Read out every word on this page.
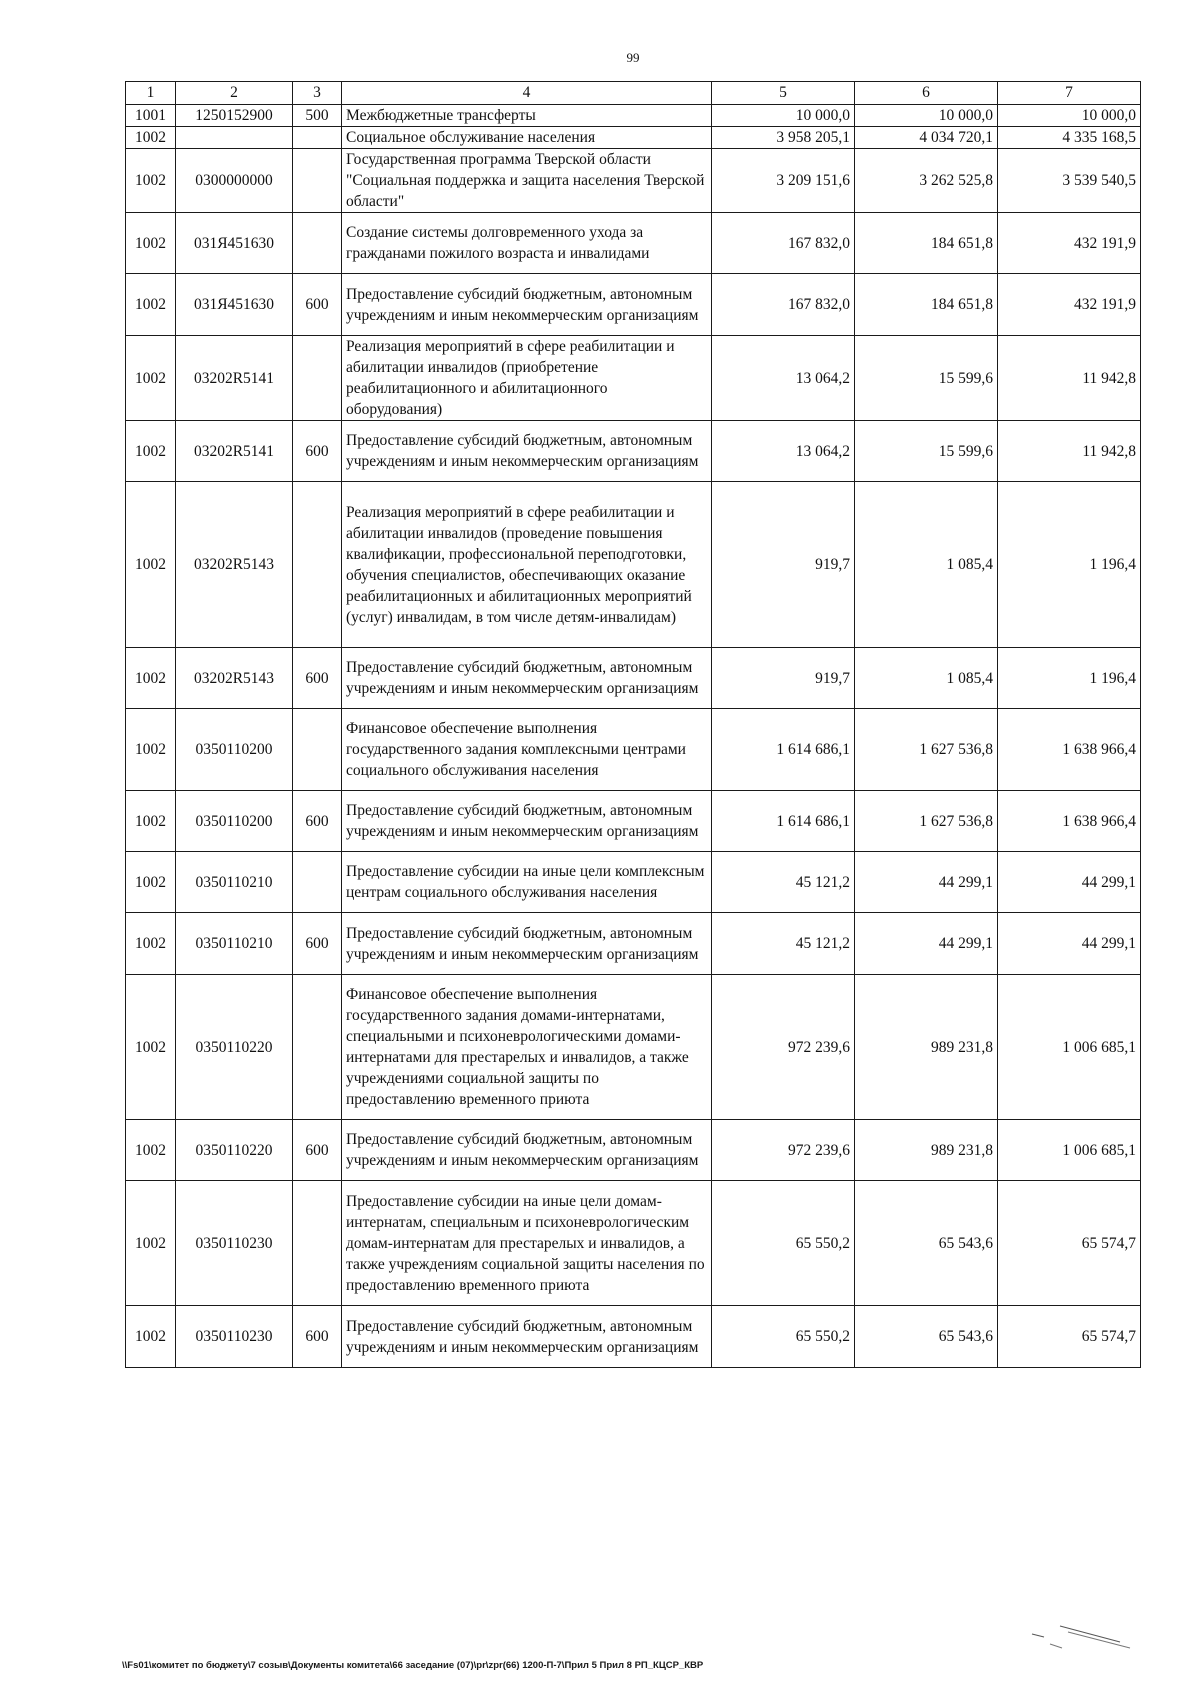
99
1	2	3	4	5	6	7
1001	1250152900	500	Межбюджетные трансферты	10 000,0	10 000,0	10 000,0
1002			Социальное обслуживание населения	3 958 205,1	4 034 720,1	4 335 168,5
1002	0300000000		Государственная программа Тверской области "Социальная поддержка и защита населения Тверской области"	3 209 151,6	3 262 525,8	3 539 540,5
1002	031Я451630		Создание системы долговременного ухода за гражданами пожилого возраста и инвалидами	167 832,0	184 651,8	432 191,9
1002	031Я451630	600	Предоставление субсидий бюджетным, автономным учреждениям и иным некоммерческим организациям	167 832,0	184 651,8	432 191,9
1002	03202R5141		Реализация мероприятий в сфере реабилитации и абилитации инвалидов (приобретение реабилитационного и абилитационного оборудования)	13 064,2	15 599,6	11 942,8
1002	03202R5141	600	Предоставление субсидий бюджетным, автономным учреждениям и иным некоммерческим организациям	13 064,2	15 599,6	11 942,8
1002	03202R5143		Реализация мероприятий в сфере реабилитации и абилитации инвалидов (проведение повышения квалификации, профессиональной переподготовки, обучения специалистов, обеспечивающих оказание реабилитационных и абилитационных мероприятий (услуг) инвалидам, в том числе детям-инвалидам)	919,7	1 085,4	1 196,4
1002	03202R5143	600	Предоставление субсидий бюджетным, автономным учреждениям и иным некоммерческим организациям	919,7	1 085,4	1 196,4
1002	0350110200		Финансовое обеспечение выполнения государственного задания комплексными центрами социального обслуживания населения	1 614 686,1	1 627 536,8	1 638 966,4
1002	0350110200	600	Предоставление субсидий бюджетным, автономным учреждениям и иным некоммерческим организациям	1 614 686,1	1 627 536,8	1 638 966,4
1002	0350110210		Предоставление субсидии на иные цели комплексным центрам социального обслуживания населения	45 121,2	44 299,1	44 299,1
1002	0350110210	600	Предоставление субсидий бюджетным, автономным учреждениям и иным некоммерческим организациям	45 121,2	44 299,1	44 299,1
1002	0350110220		Финансовое обеспечение выполнения государственного задания домами-интернатами, специальными и психоневрологическими домами-интернатами для престарелых и инвалидов, а также учреждениями социальной защиты по предоставлению временного приюта	972 239,6	989 231,8	1 006 685,1
1002	0350110220	600	Предоставление субсидий бюджетным, автономным учреждениям и иным некоммерческим организациям	972 239,6	989 231,8	1 006 685,1
1002	0350110230		Предоставление субсидии на иные цели домам-интернатам, специальным и психоневрологическим домам-интернатам для престарелых и инвалидов, а также учреждениям социальной защиты населения по предоставлению временного приюта	65 550,2	65 543,6	65 574,7
1002	0350110230	600	Предоставление субсидий бюджетным, автономным учреждениям и иным некоммерческим организациям	65 550,2	65 543,6	65 574,7
\\Fs01\комитет по бюджету\7 созыв\Документы комитета\66 заседание (07)\pr\zpr(66) 1200-П-7\Прил 5 Прил 8 РП_КЦСР_КВР
